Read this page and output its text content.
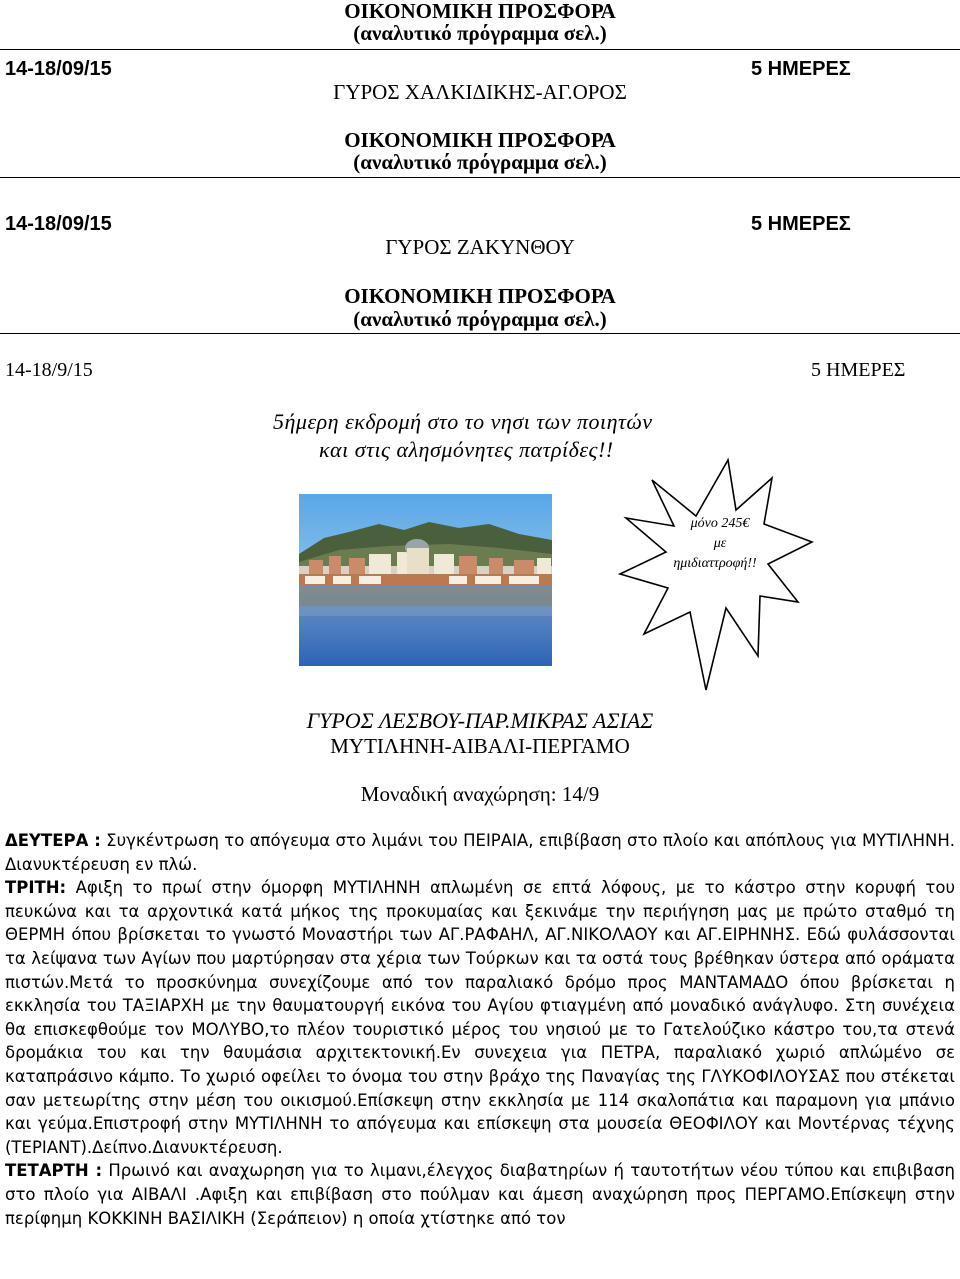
ΟΙΚΟΝΟΜΙΚΗ ΠΡΟΣΦΟΡΑ
(αναλυτικό πρόγραμμα σελ.)
14-18/09/15	5 ΗΜΕΡΕΣ
ΓΥΡΟΣ ΧΑΛΚΙΔΙΚΗΣ-ΑΓ.ΟΡΟΣ
ΟΙΚΟΝΟΜΙΚΗ ΠΡΟΣΦΟΡΑ
(αναλυτικό πρόγραμμα σελ.)
14-18/09/15	5 ΗΜΕΡΕΣ
ΓΥΡΟΣ ΖΑΚΥΝΘΟΥ
ΟΙΚΟΝΟΜΙΚΗ ΠΡΟΣΦΟΡΑ
(αναλυτικό πρόγραμμα σελ.)
14-18/9/15	5 ΗΜΕΡΕΣ
5ήμερη εκδρομή στο το νησι των ποιητών
και στις αλησμόνητες πατρίδες!!
μόνο 245€
με
ημιδιαττροφή!!
ΓΥΡΟΣ ΛΕΣΒΟΥ-ΠΑΡ.ΜΙΚΡΑΣ ΑΣΙΑΣ
ΜΥΤΙΛΗΝΗ-ΑΙΒΑΛΙ-ΠΕΡΓΑΜΟ
Μοναδική αναχώρηση: 14/9

ΔΕΥΤΕΡΑ : Συγκέντρωση το απόγευμα στο λιμάνι του ΠΕΙΡΑΙΑ, επιβίβαση στο πλοίο και απόπλους για ΜΥΤΙΛΗΝΗ. Διανυκτέρευση εν πλώ.

ΤΡΙΤΗ: Αφιξη το πρωί στην όμορφη ΜΥΤΙΛΗΝΗ απλωμένη σε επτά λόφους, με το κάστρο στην κορυφή του πευκώνα και τα αρχοντικά κατά μήκος της προκυμαίας και ξεκινάμε την περιήγηση μας με πρώτο σταθμό τη ΘΕΡΜΗ όπου βρίσκεται το γνωστό Μοναστήρι των ΑΓ.ΡΑΦΑΗΛ, ΑΓ.ΝΙΚΟΛΑΟΥ και ΑΓ.ΕΙΡΗΝΗΣ. Εδώ φυλάσσονται τα λείψανα των Αγίων που μαρτύρησαν στα χέρια των Τούρκων και τα οστά τους βρέθηκαν ύστερα από οράματα πιστών.Μετά το προσκύνημα συνεχίζουμε από τον παραλιακό δρόμο προς ΜΑΝΤΑΜΑΔΟ όπου βρίσκεται η εκκλησία του ΤΑΞΙΑΡΧΗ με την θαυματουργή εικόνα του Αγίου φτιαγμένη από μοναδικό ανάγλυφο. Στη συνέχεια θα επισκεφθούμε τον ΜΟΛΥΒΟ,το πλέον τουριστικό μέρος του νησιού με το Γατελούζικο κάστρο του,τα στενά δρομάκια του και την θαυμάσια αρχιτεκτονική.Εν συνεχεια για ΠΕΤΡΑ, παραλιακό χωριό απλώμένο σε καταπράσινο κάμπο. Το χωριό οφείλει το όνομα του στην βράχο της Παναγίας της ΓΛΥΚΟΦΙΛΟΥΣΑΣ που στέκεται σαν μετεωρίτης στην μέση του οικισμού.Επίσκεψη στην εκκλησία με 114 σκαλοπάτια και παραμονη για μπάνιο και γεύμα.Επιστροφή στην ΜΥΤΙΛΗΝΗ το απόγευμα και επίσκεψη στα μουσεία ΘΕΟΦΙΛΟΥ και Μοντέρνας τέχνης (ΤΕΡΙΑΝΤ).Δείπνο.Διανυκτέρευση.

ΤΕΤΑΡΤΗ : Πρωινό και αναχωρηση για το λιμανι,έλεγχος διαβατηρίων ή ταυτοτήτων νέου τύπου και επιβιβαση στο πλοίο για ΑΙΒΑΛΙ .Αφιξη και επιβίβαση στο πούλμαν και άμεση αναχώρηση προς ΠΕΡΓΑΜΟ.Επίσκεψη στην περίφημη ΚΟΚΚΙΝΗ ΒΑΣΙΛΙΚΗ (Σεράπειον) η οποία χτίστηκε από τον
